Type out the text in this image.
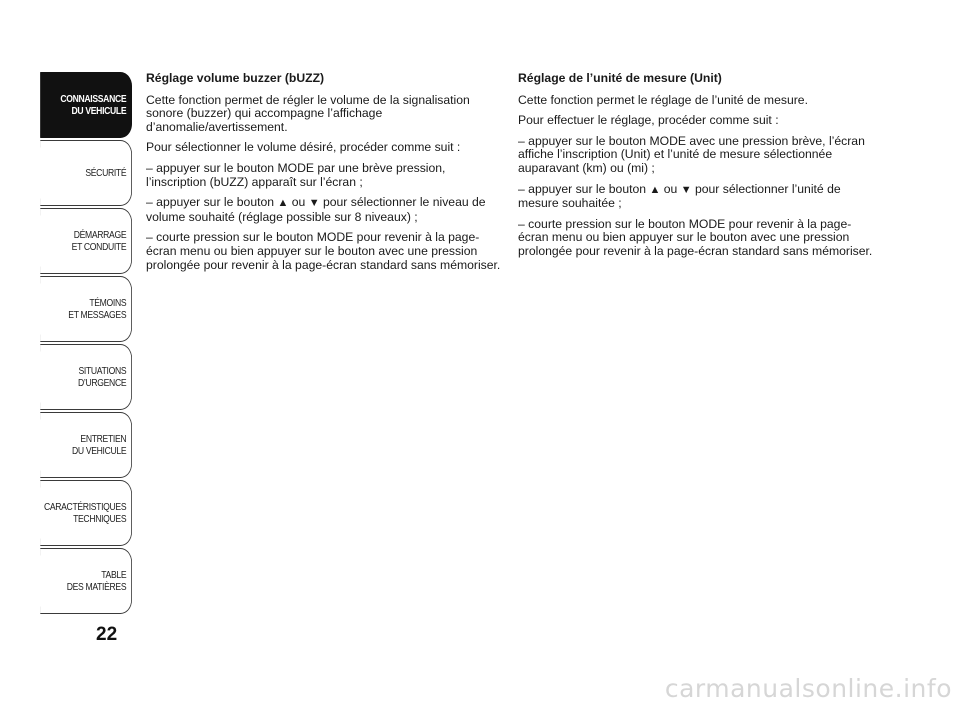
CONNAISSANCE
DU VEHICULE
SÉCURITÉ
DÉMARRAGE
ET CONDUITE
TÉMOINS
ET MESSAGES
SITUATIONS
D’URGENCE
ENTRETIEN
DU VEHICULE
CARACTÉRISTIQUES
TECHNIQUES
TABLE
DES MATIÈRES
22
Réglage volume buzzer (bUZZ)

Cette fonction permet de régler le volume de la signalisation sonore (buzzer) qui accompagne l’affichage d’anomalie/avertissement.

Pour sélectionner le volume désiré, procéder comme suit :

– appuyer sur le bouton MODE par une brève pression, l’inscription (bUZZ) apparaît sur l’écran ;

– appuyer sur le bouton ▲ ou ▼ pour sélectionner le niveau de volume souhaité (réglage possible sur 8 niveaux) ;

– courte pression sur le bouton MODE pour revenir à la page-écran menu ou bien appuyer sur le bouton avec une pression prolongée pour revenir à la page-écran standard sans mémoriser.

Réglage de l’unité de mesure (Unit)

Cette fonction permet le réglage de l’unité de mesure.

Pour effectuer le réglage, procéder comme suit :

– appuyer sur le bouton MODE avec une pression brève, l’écran affiche l’inscription (Unit) et l’unité de mesure sélectionnée auparavant (km) ou (mi) ;

– appuyer sur le bouton ▲ ou ▼ pour sélectionner l’unité de mesure souhaitée ;

– courte pression sur le bouton MODE pour revenir à la page-écran menu ou bien appuyer sur le bouton avec une pression prolongée pour revenir à la page-écran standard sans mémoriser.

carmanualsonline.info
